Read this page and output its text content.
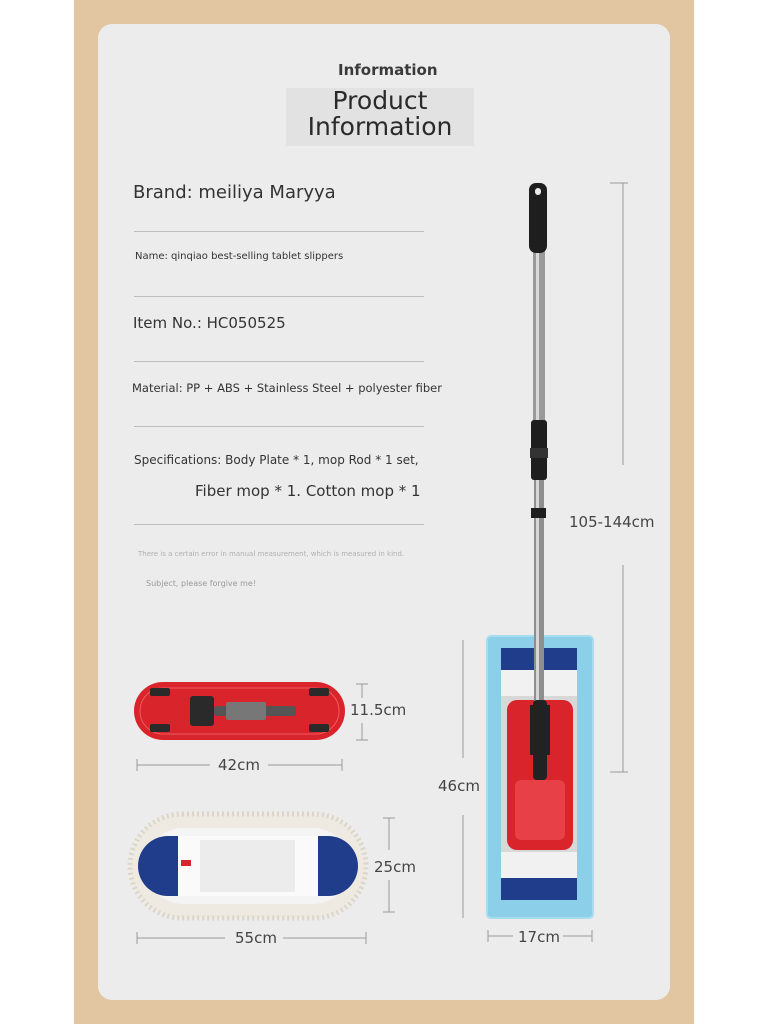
Information
Product Information
Brand: meiliya Maryya
Name: qinqiao best-selling tablet slippers
Item No.: HC050525
Material: PP + ABS + Stainless Steel + polyester fiber
Specifications: Body Plate * 1, mop Rod * 1 set,
Fiber mop * 1. Cotton mop * 1
There is a certain error in manual measurement, which is measured in kind.
Subject, please forgive me!
105-144cm
11.5cm
42cm
46cm
25cm
55cm	17cm
